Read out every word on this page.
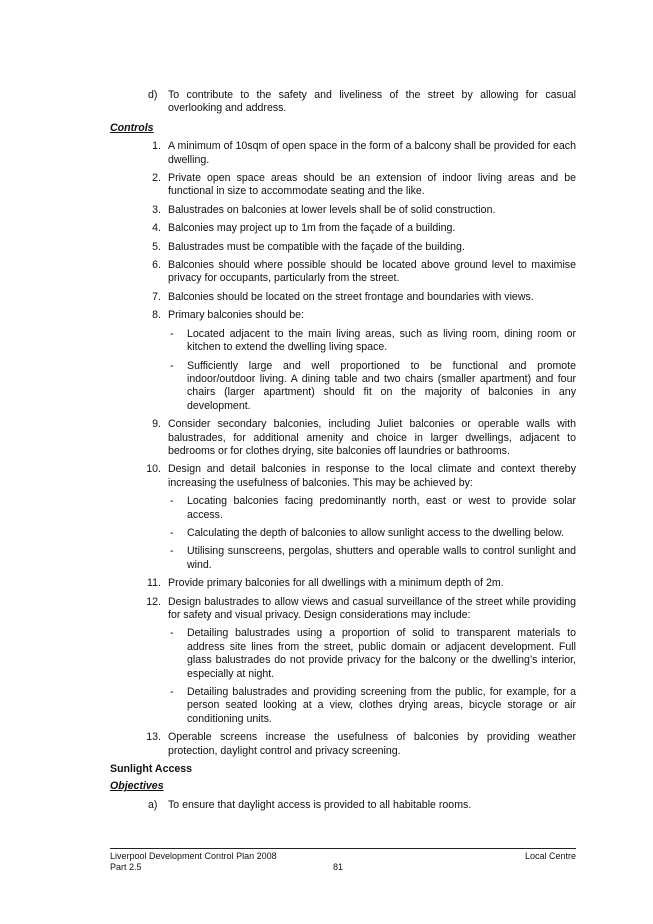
d) To contribute to the safety and liveliness of the street by allowing for casual overlooking and address.

Controls

1. A minimum of 10sqm of open space in the form of a balcony shall be provided for each dwelling.

2. Private open space areas should be an extension of indoor living areas and be functional in size to accommodate seating and the like.

3. Balustrades on balconies at lower levels shall be of solid construction.

4. Balconies may project up to 1m from the façade of a building.

5. Balustrades must be compatible with the façade of the building.

6. Balconies should where possible should be located above ground level to maximise privacy for occupants, particularly from the street.

7. Balconies should be located on the street frontage and boundaries with views.

8. Primary balconies should be:

- Located adjacent to the main living areas, such as living room, dining room or kitchen to extend the dwelling living space.

- Sufficiently large and well proportioned to be functional and promote indoor/outdoor living. A dining table and two chairs (smaller apartment) and four chairs (larger apartment) should fit on the majority of balconies in any development.

9. Consider secondary balconies, including Juliet balconies or operable walls with balustrades, for additional amenity and choice in larger dwellings, adjacent to bedrooms or for clothes drying, site balconies off laundries or bathrooms.

10. Design and detail balconies in response to the local climate and context thereby increasing the usefulness of balconies. This may be achieved by:

- Locating balconies facing predominantly north, east or west to provide solar access.

- Calculating the depth of balconies to allow sunlight access to the dwelling below.

- Utilising sunscreens, pergolas, shutters and operable walls to control sunlight and wind.

11. Provide primary balconies for all dwellings with a minimum depth of 2m.

12. Design balustrades to allow views and casual surveillance of the street while providing for safety and visual privacy. Design considerations may include:

- Detailing balustrades using a proportion of solid to transparent materials to address site lines from the street, public domain or adjacent development. Full glass balustrades do not provide privacy for the balcony or the dwelling’s interior, especially at night.

- Detailing balustrades and providing screening from the public, for example, for a person seated looking at a view, clothes drying areas, bicycle storage or air conditioning units.

13. Operable screens increase the usefulness of balconies by providing weather protection, daylight control and privacy screening.

Sunlight Access

Objectives

a) To ensure that daylight access is provided to all habitable rooms.

Liverpool Development Control Plan 2008	Local Centre
Part 2.5	81
